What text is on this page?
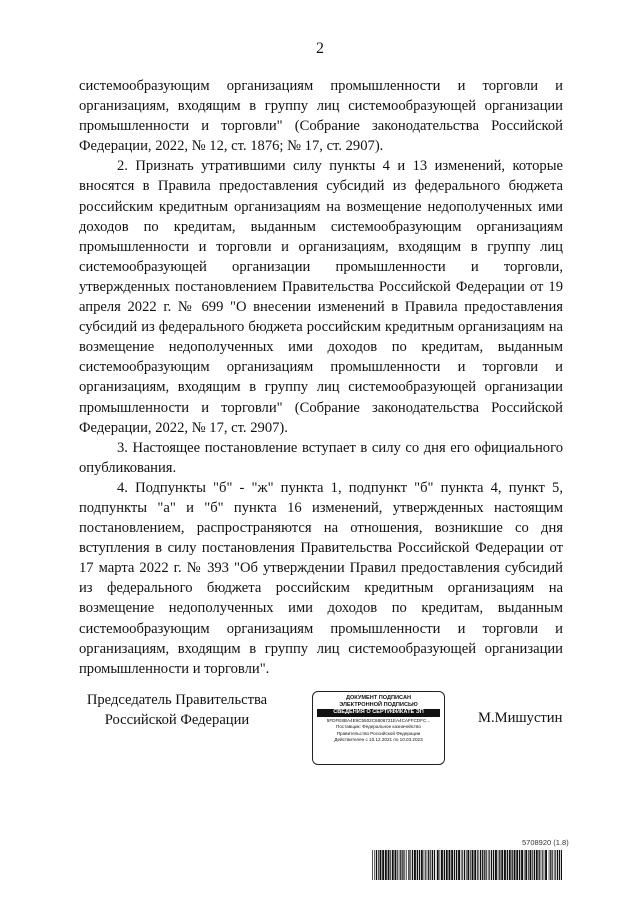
2

системообразующим организациям промышленности и торговли и организациям, входящим в группу лиц системообразующей организации промышленности и торговли" (Собрание законодательства Российской Федерации, 2022, № 12, ст. 1876; № 17, ст. 2907).

2. Признать утратившими силу пункты 4 и 13 изменений, которые вносятся в Правила предоставления субсидий из федерального бюджета российским кредитным организациям на возмещение недополученных ими доходов по кредитам, выданным системообразующим организациям промышленности и торговли и организациям, входящим в группу лиц системообразующей организации промышленности и торговли, утвержденных постановлением Правительства Российской Федерации от 19 апреля 2022 г. № 699 "О внесении изменений в Правила предоставления субсидий из федерального бюджета российским кредитным организациям на возмещение недополученных ими доходов по кредитам, выданным системообразующим организациям промышленности и торговли и организациям, входящим в группу лиц системообразующей организации промышленности и торговли" (Собрание законодательства Российской Федерации, 2022, № 17, ст. 2907).

3. Настоящее постановление вступает в силу со дня его официального опубликования.

4. Подпункты "б" - "ж" пункта 1, подпункт "б" пункта 4, пункт 5, подпункты "а" и "б" пункта 16 изменений, утвержденных настоящим постановлением, распространяются на отношения, возникшие со дня вступления в силу постановления Правительства Российской Федерации от 17 марта 2022 г. № 393 "Об утверждении Правил предоставления субсидий из федерального бюджета российским кредитным организациям на возмещение недополученных ими доходов по кредитам, выданным системообразующим организациям промышленности и торговли и организациям, входящим в группу лиц системообразующей организации промышленности и торговли".

Председатель Правительства
Российской Федерации
ДОКУМЕНТ ПОДПИСАН
ЭЛЕКТРОННОЙ ПОДПИСЬЮ
СВЕДЕНИЯ О СЕРТИФИКАТЕ ЭП
5FDFE8BA4E9C5502C6806721EA4CAFFCDFC...
Поставщик: Федеральное казначейство
Правительство Российской Федерации
Действителен с 10.12.2021 по 10.03.2023
М.Мишустин
5708920 (1.8)
